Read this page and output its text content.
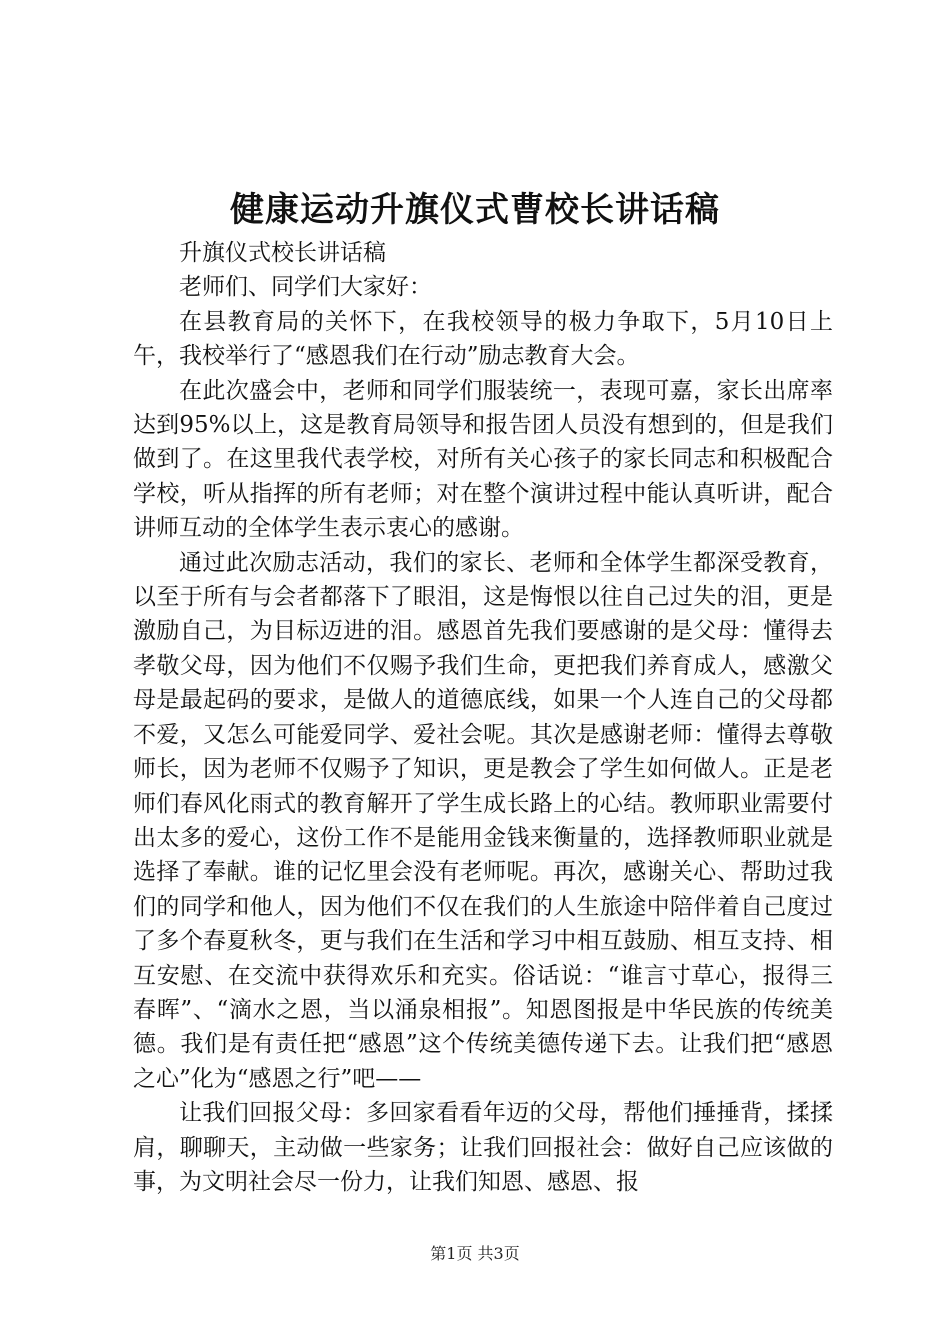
健康运动升旗仪式曹校长讲话稿

升旗仪式校长讲话稿

老师们、同学们大家好：

在县教育局的关怀下，在我校领导的极力争取下，5月10日上午，我校举行了“感恩我们在行动”励志教育大会。

在此次盛会中，老师和同学们服装统一，表现可嘉，家长出席率达到95%以上，这是教育局领导和报告团人员没有想到的，但是我们做到了。在这里我代表学校，对所有关心孩子的家长同志和积极配合学校，听从指挥的所有老师；对在整个演讲过程中能认真听讲，配合讲师互动的全体学生表示衷心的感谢。

通过此次励志活动，我们的家长、老师和全体学生都深受教育，以至于所有与会者都落下了眼泪，这是悔恨以往自己过失的泪，更是激励自己，为目标迈进的泪。感恩首先我们要感谢的是父母：懂得去孝敬父母，因为他们不仅赐予我们生命，更把我们养育成人，感激父母是最起码的要求，是做人的道德底线，如果一个人连自己的父母都不爱，又怎么可能爱同学、爱社会呢。其次是感谢老师：懂得去尊敬师长，因为老师不仅赐予了知识，更是教会了学生如何做人。正是老师们春风化雨式的教育解开了学生成长路上的心结。教师职业需要付出太多的爱心，这份工作不是能用金钱来衡量的，选择教师职业就是选择了奉献。谁的记忆里会没有老师呢。再次，感谢关心、帮助过我们的同学和他人，因为他们不仅在我们的人生旅途中陪伴着自己度过了多个春夏秋冬，更与我们在生活和学习中相互鼓励、相互支持、相互安慰、在交流中获得欢乐和充实。俗话说：“谁言寸草心，报得三春晖”、“滴水之恩，当以涌泉相报”。知恩图报是中华民族的传统美德。我们是有责任把“感恩”这个传统美德传递下去。让我们把“感恩之心”化为“感恩之行”吧——

让我们回报父母：多回家看看年迈的父母，帮他们捶捶背，揉揉肩，聊聊天，主动做一些家务；让我们回报社会：做好自己应该做的事，为文明社会尽一份力，让我们知恩、感恩、报

第1页 共3页
